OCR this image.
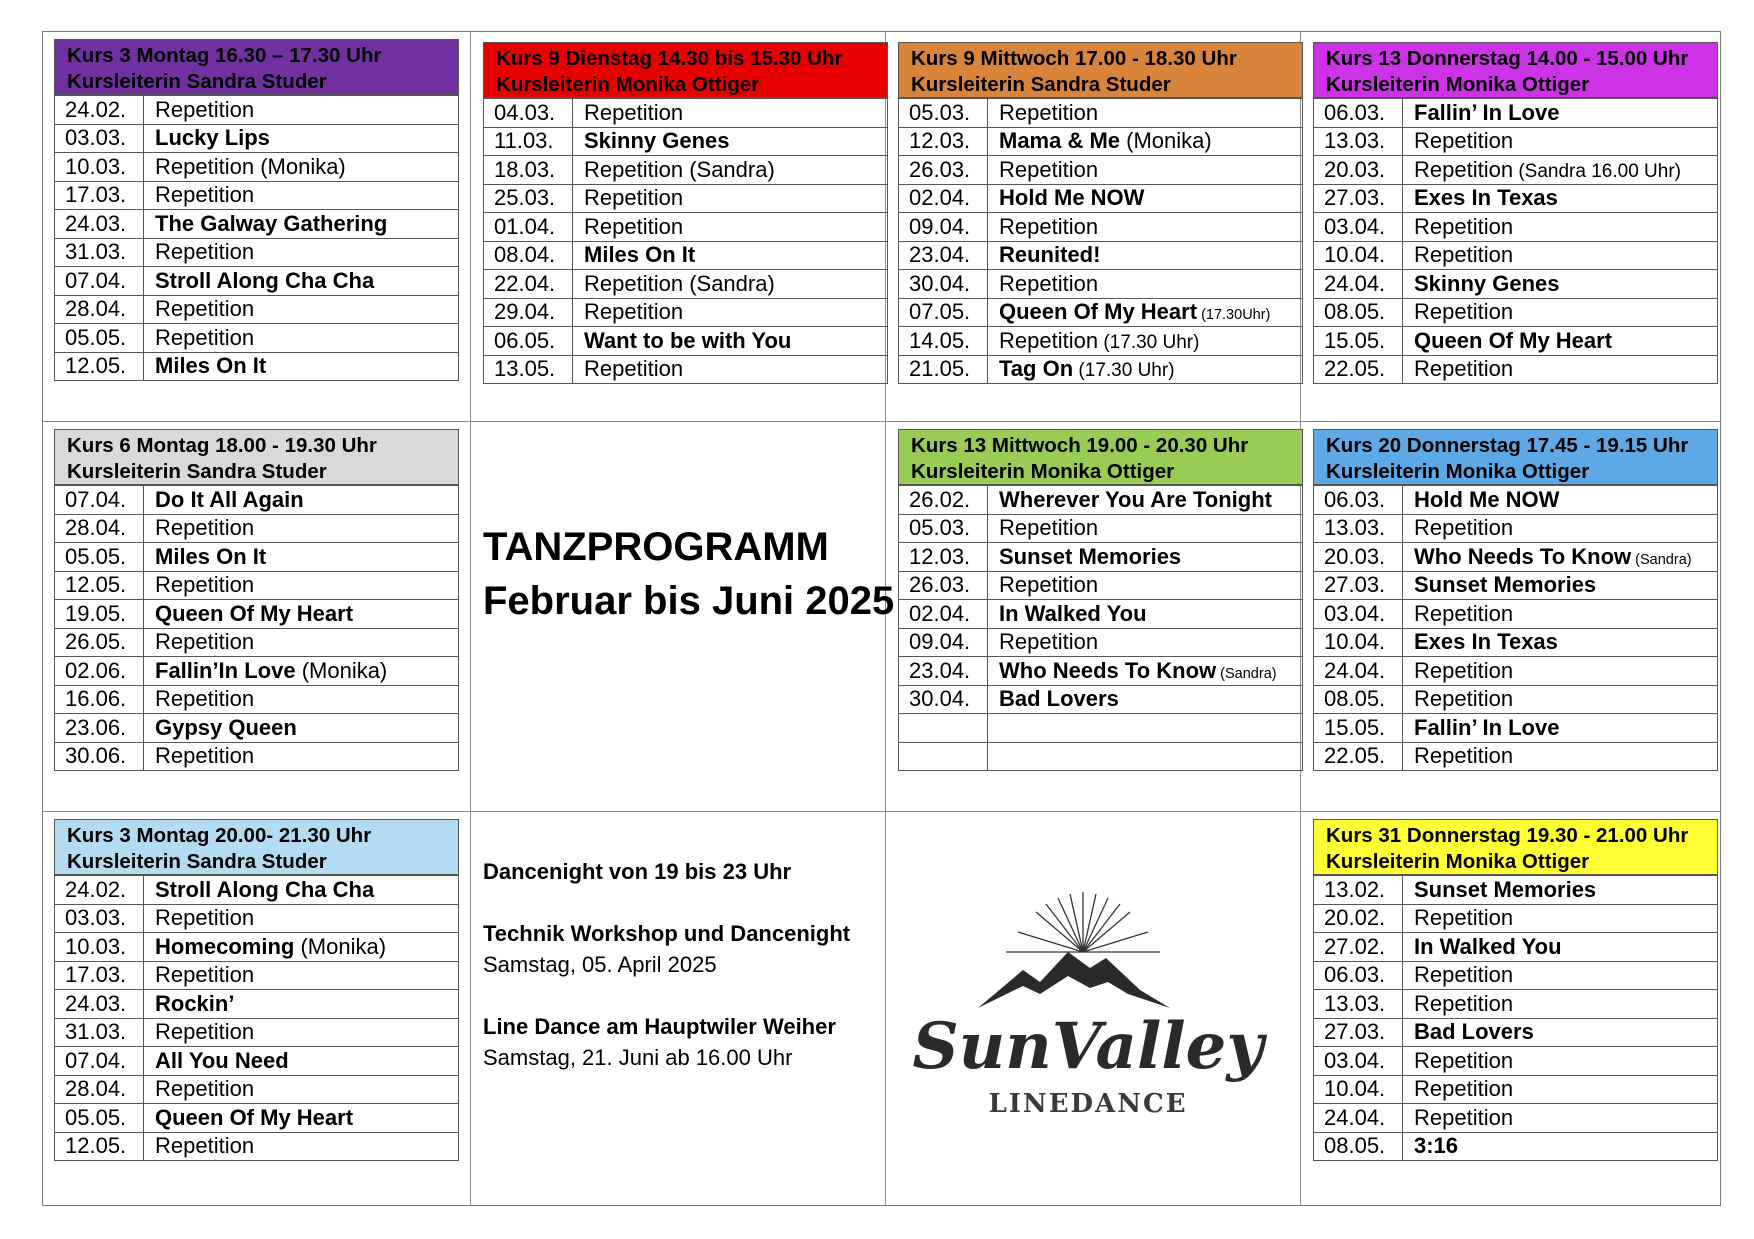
Kurs 3 Montag 16.30 – 17.30 Uhr
Kursleiterin Sandra Studer
24.02.	Repetition
03.03.	Lucky Lips
10.03.	Repetition (Monika)
17.03.	Repetition
24.03.	The Galway Gathering
31.03.	Repetition
07.04.	Stroll Along Cha Cha
28.04.	Repetition
05.05.	Repetition
12.05.	Miles On It
Kurs 9 Dienstag 14.30 bis 15.30 Uhr
Kursleiterin Monika Ottiger
04.03.	Repetition
11.03.	Skinny Genes
18.03.	Repetition (Sandra)
25.03.	Repetition
01.04.	Repetition
08.04.	Miles On It
22.04.	Repetition (Sandra)
29.04.	Repetition
06.05.	Want to be with You
13.05.	Repetition
Kurs 9 Mittwoch 17.00 - 18.30 Uhr
Kursleiterin Sandra Studer
05.03.	Repetition
12.03.	Mama & Me (Monika)
26.03.	Repetition
02.04.	Hold Me NOW
09.04.	Repetition
23.04.	Reunited!
30.04.	Repetition
07.05.	Queen Of My Heart (17.30Uhr)
14.05.	Repetition (17.30 Uhr)
21.05.	Tag On (17.30 Uhr)
Kurs 13 Donnerstag 14.00 - 15.00 Uhr
Kursleiterin Monika Ottiger
06.03.	Fallin’ In Love
13.03.	Repetition
20.03.	Repetition (Sandra 16.00 Uhr)
27.03.	Exes In Texas
03.04.	Repetition
10.04.	Repetition
24.04.	Skinny Genes
08.05.	Repetition
15.05.	Queen Of My Heart
22.05.	Repetition
Kurs 6 Montag 18.00 - 19.30 Uhr
Kursleiterin Sandra Studer
07.04.	Do It All Again
28.04.	Repetition
05.05.	Miles On It
12.05.	Repetition
19.05.	Queen Of My Heart
26.05.	Repetition
02.06.	Fallin’In Love (Monika)
16.06.	Repetition
23.06.	Gypsy Queen
30.06.	Repetition
Kurs 13 Mittwoch 19.00 - 20.30 Uhr
Kursleiterin Monika Ottiger
26.02.	Wherever You Are Tonight
05.03.	Repetition
12.03.	Sunset Memories
26.03.	Repetition
02.04.	In Walked You
09.04.	Repetition
23.04.	Who Needs To Know (Sandra)
30.04.	Bad Lovers

Kurs 20 Donnerstag 17.45 - 19.15 Uhr
Kursleiterin Monika Ottiger
06.03.	Hold Me NOW
13.03.	Repetition
20.03.	Who Needs To Know (Sandra)
27.03.	Sunset Memories
03.04.	Repetition
10.04.	Exes In Texas
24.04.	Repetition
08.05.	Repetition
15.05.	Fallin’ In Love
22.05.	Repetition
Kurs 3 Montag 20.00- 21.30 Uhr
Kursleiterin Sandra Studer
24.02.	Stroll Along Cha Cha
03.03.	Repetition
10.03.	Homecoming (Monika)
17.03.	Repetition
24.03.	Rockin’
31.03.	Repetition
07.04.	All You Need
28.04.	Repetition
05.05.	Queen Of My Heart
12.05.	Repetition
Kurs 31 Donnerstag 19.30 - 21.00 Uhr
Kursleiterin Monika Ottiger
13.02.	Sunset Memories
20.02.	Repetition
27.02.	In Walked You
06.03.	Repetition
13.03.	Repetition
27.03.	Bad Lovers
03.04.	Repetition
10.04.	Repetition
24.04.	Repetition
08.05.	3:16
TANZPROGRAMM
Februar bis Juni 2025
Dancenight von 19 bis 23 Uhr
Technik Workshop und Dancenight
Samstag, 05. April 2025
Line Dance am Hauptwiler Weiher
Samstag, 21. Juni ab 16.00 Uhr	SunValley
LINEDANCE
